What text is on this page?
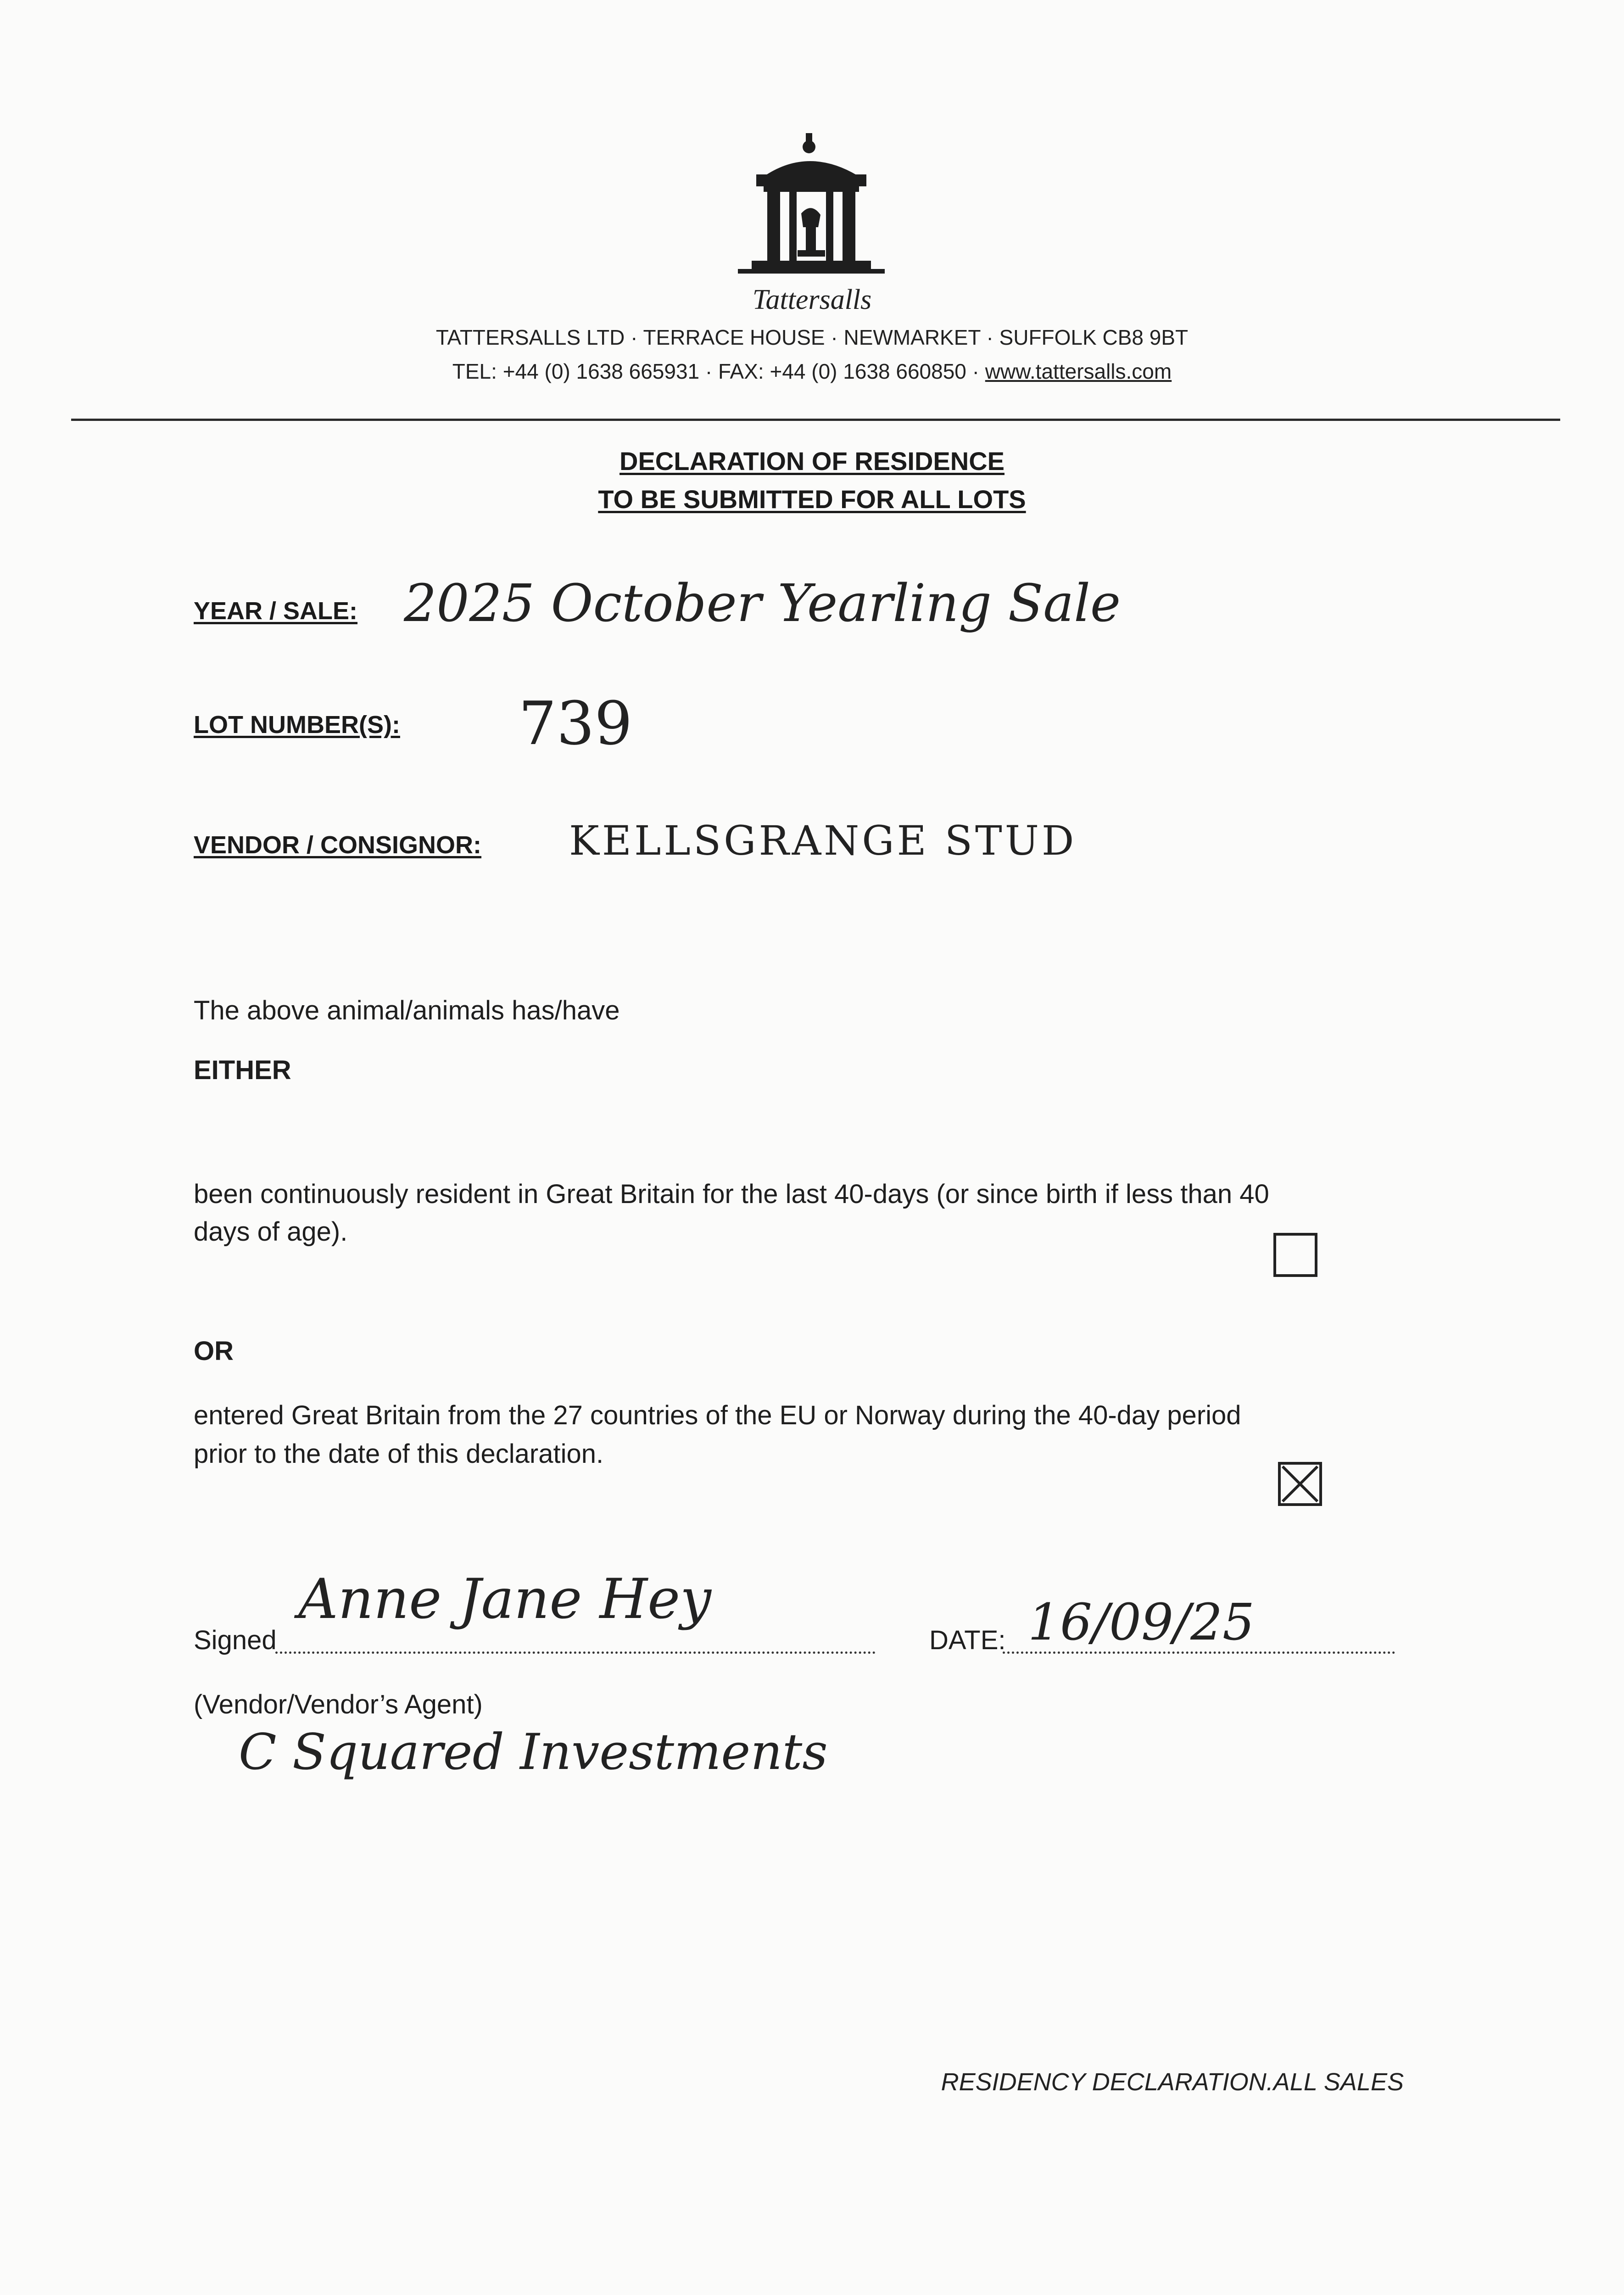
Tattersalls
TATTERSALLS LTD · TERRACE HOUSE · NEWMARKET · SUFFOLK CB8 9BT
TEL: +44 (0) 1638 665931 · FAX: +44 (0) 1638 660850 · www.tattersalls.com
DECLARATION OF RESIDENCE
TO BE SUBMITTED FOR ALL LOTS
YEAR / SALE: 2025 October Yearling Sale
LOT NUMBER(S): 739
VENDOR / CONSIGNOR: KELLSGRANGE STUD
The above animal/animals has/have
EITHER
been continuously resident in Great Britain for the last 40-days (or since birth if less than 40
days of age).
OR
entered Great Britain from the 27 countries of the EU or Norway during the 40-day period
prior to the date of this declaration.
Signed
Anne Jane Hey
DATE: 16/09/25
(Vendor/Vendor’s Agent)
C Squared Investments
RESIDENCY DECLARATION.ALL SALES
